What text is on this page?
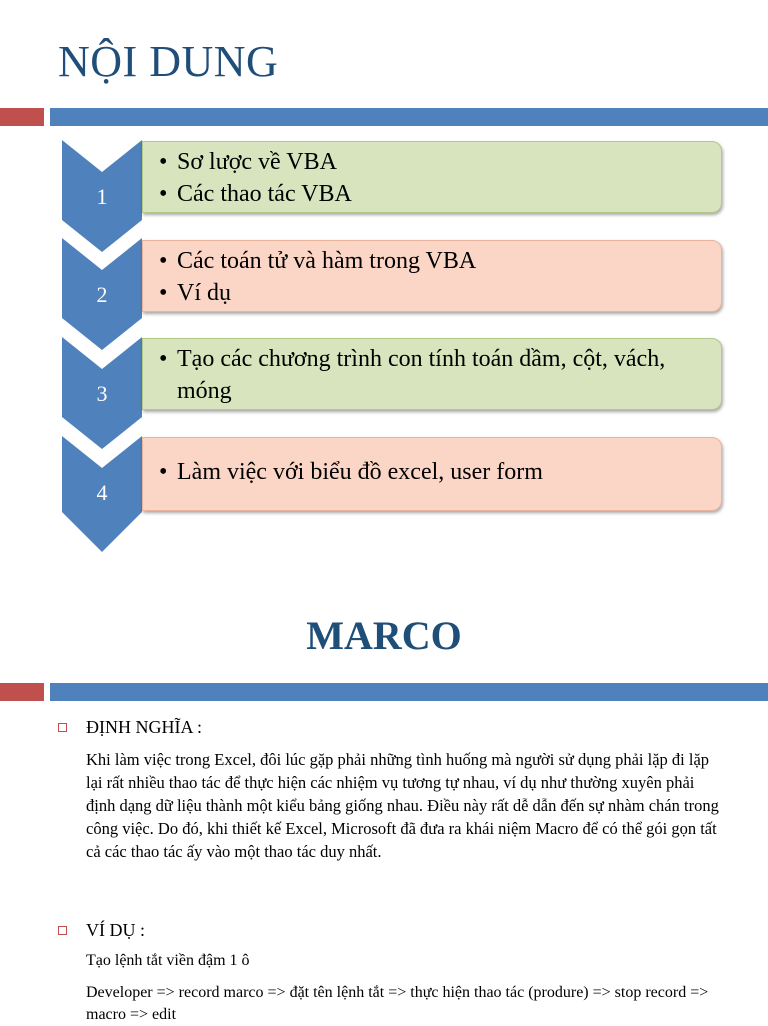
NỘI DUNG
1
• Sơ lược về VBA
• Các thao tác VBA
2
• Các toán tử và hàm trong VBA
• Ví dụ
3
• Tạo các chương trình con tính toán dầm, cột, vách, móng
4
• Làm việc với biểu đồ excel, user form
MARCO
ĐỊNH NGHĨA :
Khi làm việc trong Excel, đôi lúc gặp phải những tình huống mà người sử dụng phải lặp đi lặp lại rất nhiều thao tác để thực hiện các nhiệm vụ tương tự nhau, ví dụ như thường xuyên phải định dạng dữ liệu thành một kiểu bảng giống nhau. Điều này rất dễ dẫn đến sự nhàm chán trong công việc. Do đó, khi thiết kế Excel, Microsoft đã đưa ra khái niệm Macro để có thể gói gọn tất cả các thao tác ấy vào một thao tác duy nhất.
VÍ DỤ :
Tạo lệnh tắt viền đậm 1 ô
Developer => record marco => đặt tên lệnh tắt => thực hiện thao tác (produre) => stop record => macro => edit
